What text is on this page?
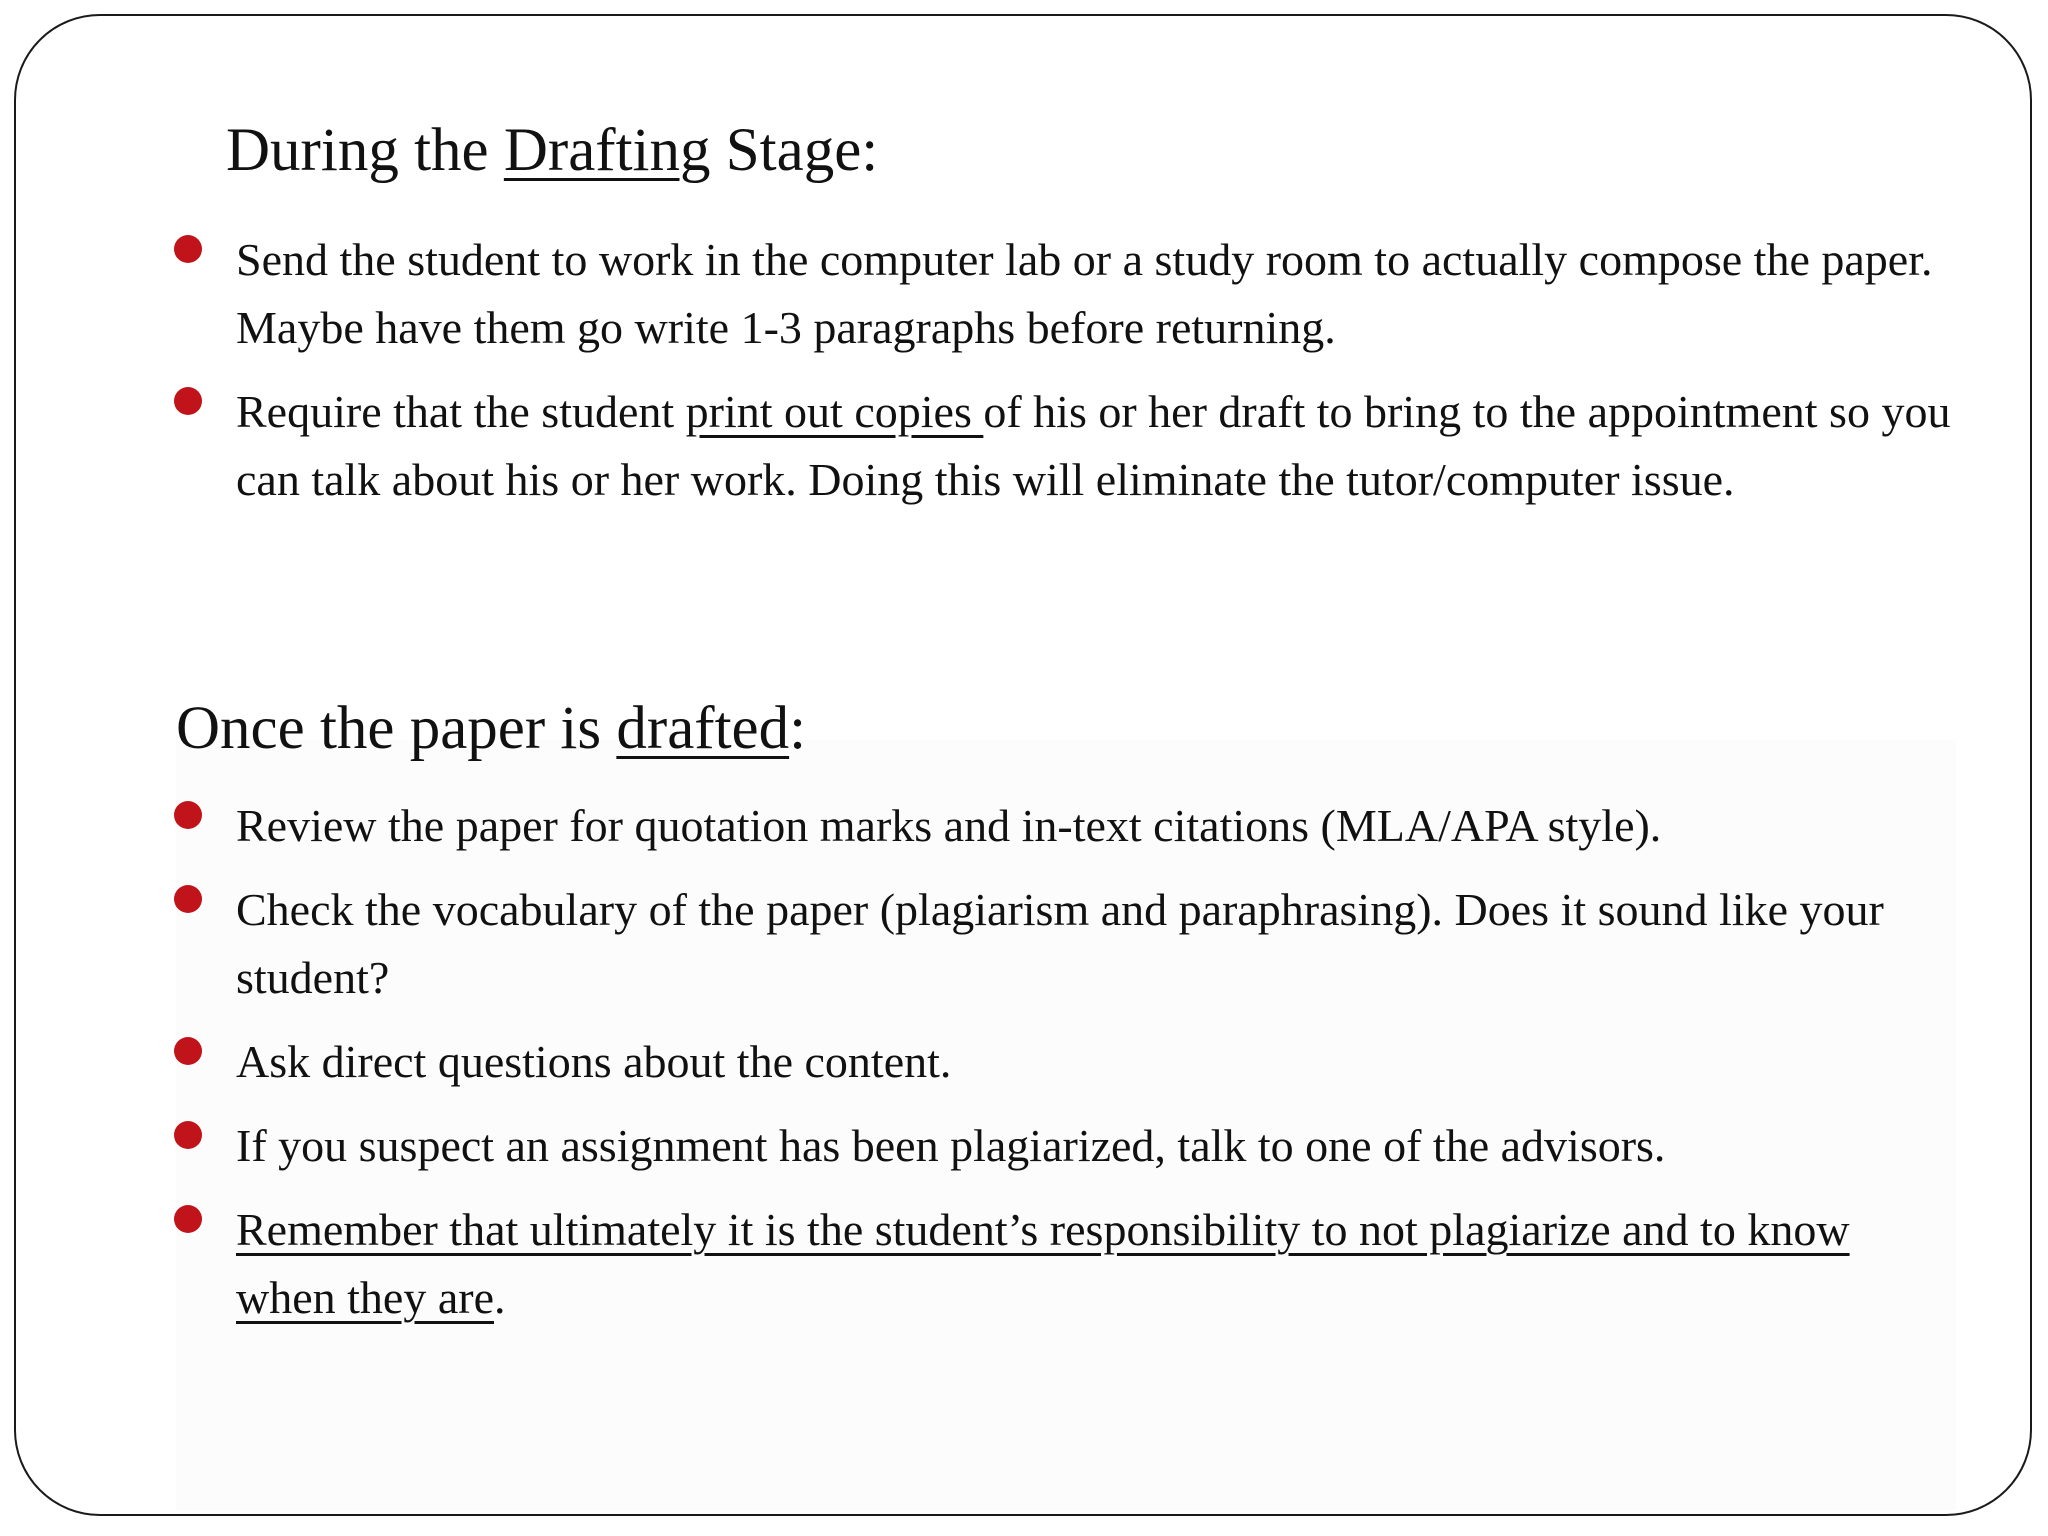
During the Drafting Stage:
Send the student to work in the computer lab or a study room to actually compose the paper. Maybe have them go write 1-3 paragraphs before returning.
Require that the student print out copies of his or her draft to bring to the appointment so you can talk about his or her work. Doing this will eliminate the tutor/computer issue.
Once the paper is drafted:
Review the paper for quotation marks and in-text citations (MLA/APA style).
Check the vocabulary of the paper (plagiarism and paraphrasing). Does it sound like your student?
Ask direct questions about the content.
If you suspect an assignment has been plagiarized, talk to one of the advisors.
Remember that ultimately it is the student’s responsibility to not plagiarize and to know when they are.
